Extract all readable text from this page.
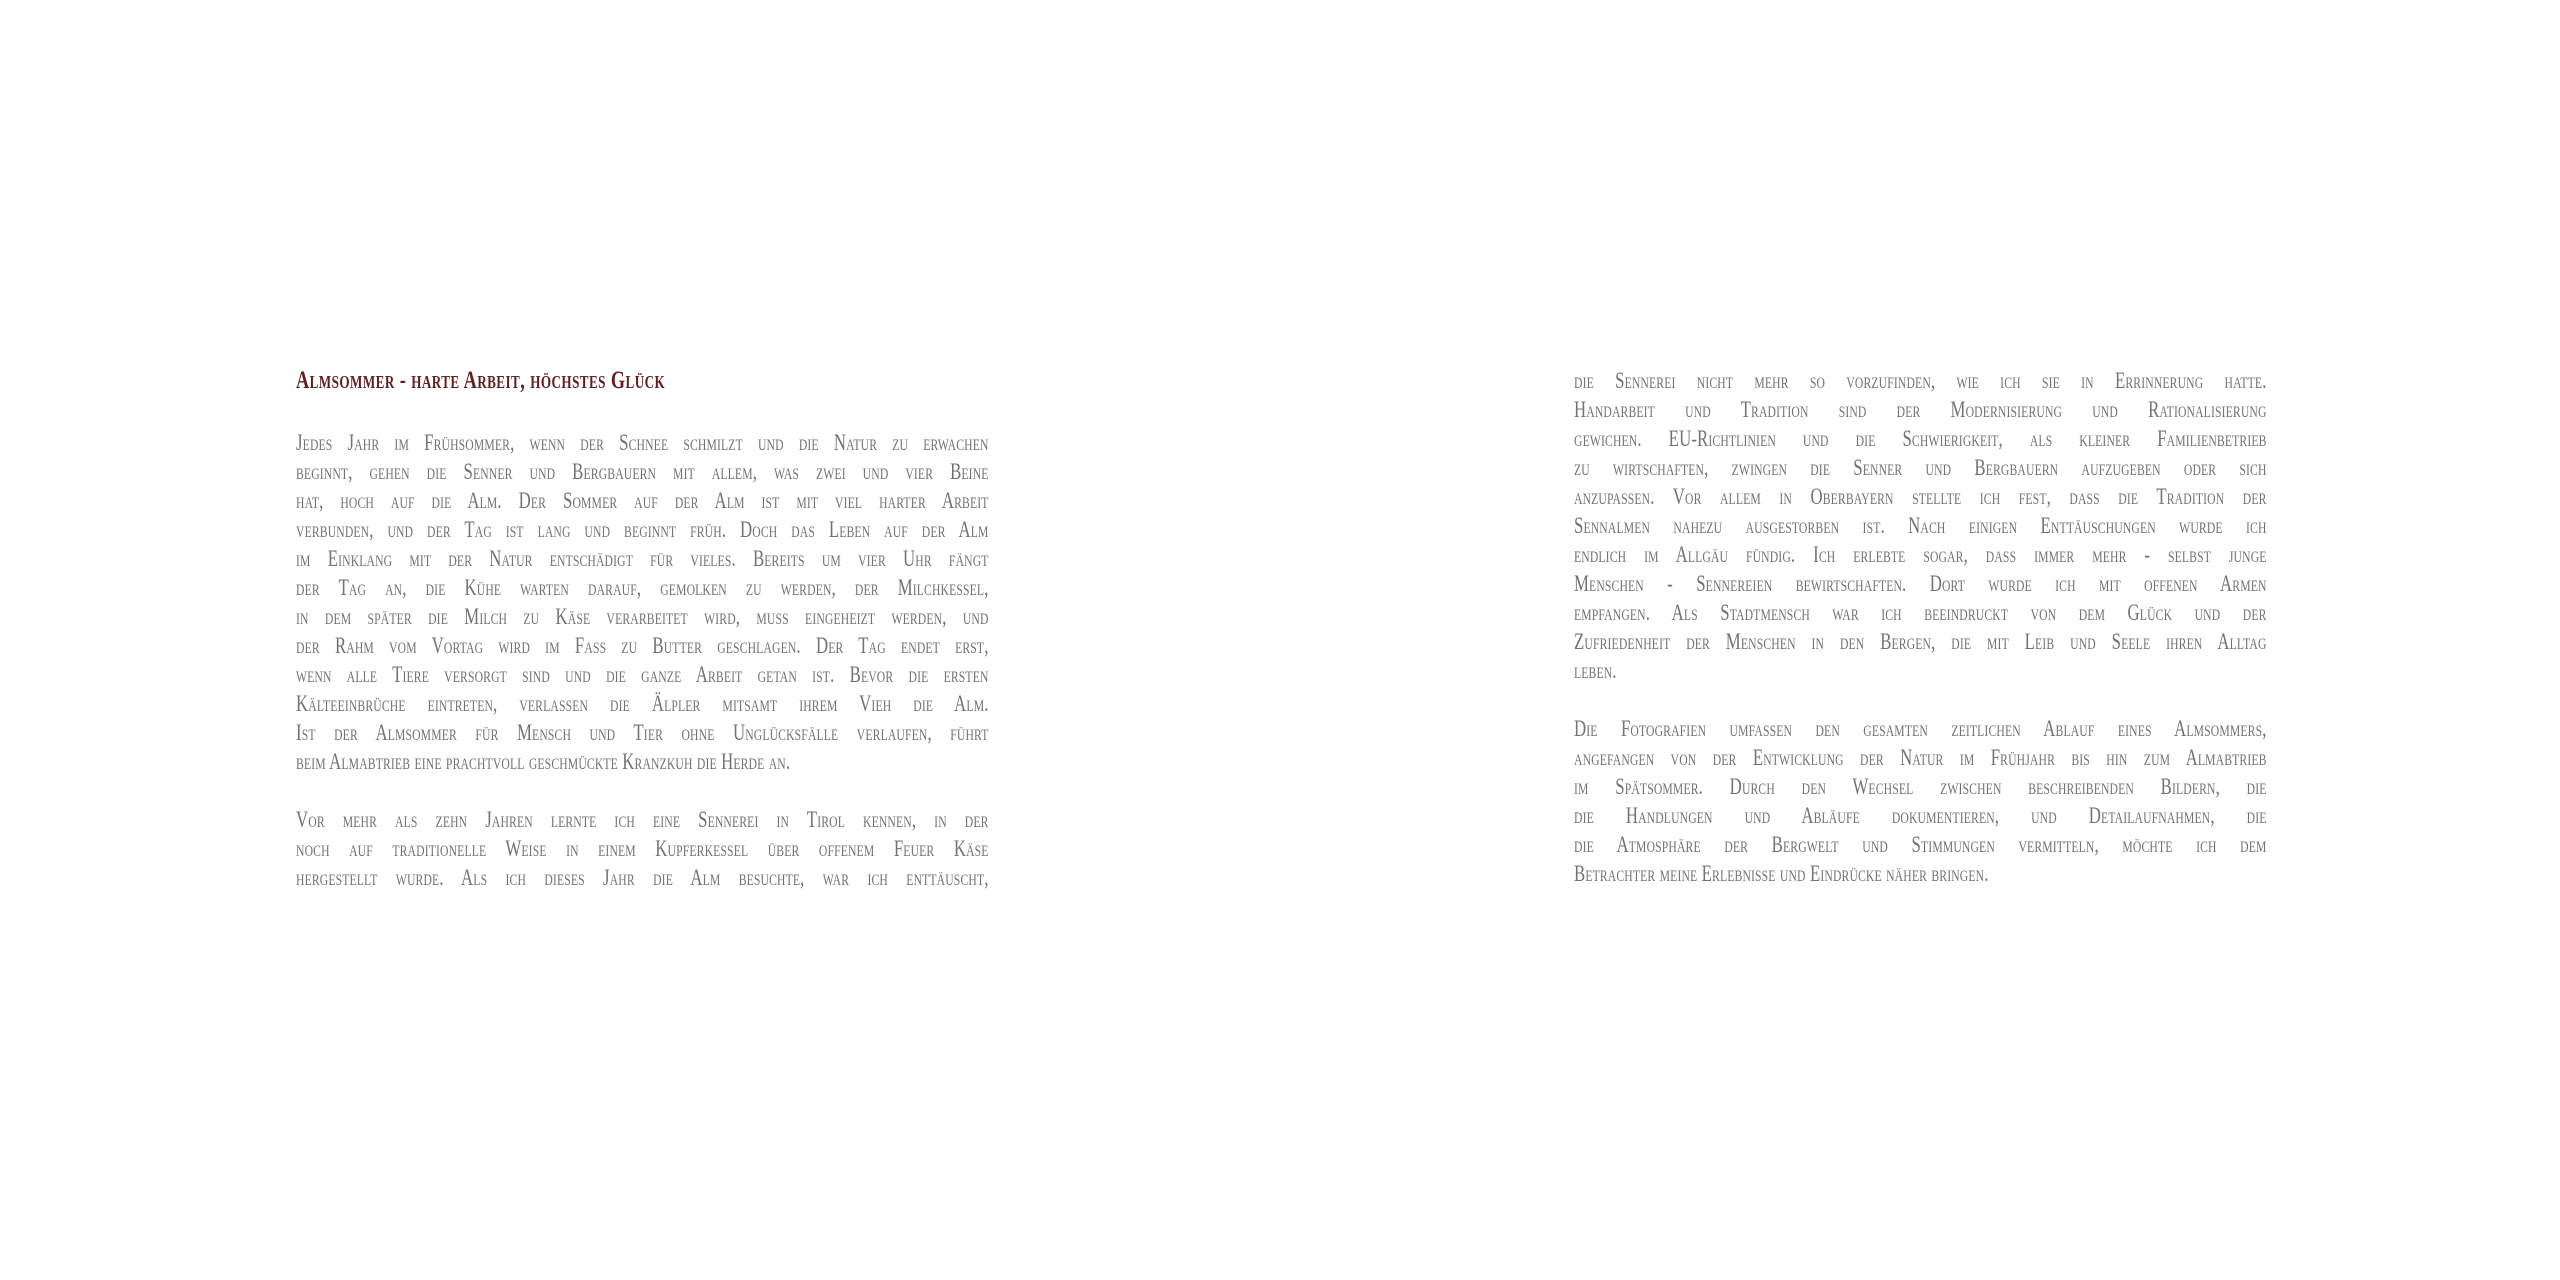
Almsommer - harte Arbeit, höchstes Glück
Jedes Jahr im Frühsommer, wenn der Schnee schmilzt und die Natur zu erwachen
beginnt, gehen die Senner und Bergbauern mit allem, was zwei und vier Beine
hat, hoch auf die Alm. Der Sommer auf der Alm ist mit viel harter Arbeit
verbunden, und der Tag ist lang und beginnt früh. Doch das Leben auf der Alm
im Einklang mit der Natur entschädigt für vieles. Bereits um vier Uhr fängt
der Tag an, die Kühe warten darauf, gemolken zu werden, der Milchkessel,
in dem später die Milch zu Käse verarbeitet wird, muss eingeheizt werden, und
der Rahm vom Vortag wird im Fass zu Butter geschlagen. Der Tag endet erst,
wenn alle Tiere versorgt sind und die ganze Arbeit getan ist. Bevor die ersten
Kälteeinbrüche eintreten, verlassen die Älpler mitsamt ihrem Vieh die Alm.
Ist der Almsommer für Mensch und Tier ohne Unglücksfälle verlaufen, führt
beim Almabtrieb eine prachtvoll geschmückte Kranzkuh die Herde an.
Vor mehr als zehn Jahren lernte ich eine Sennerei in Tirol kennen, in der
noch auf traditionelle Weise in einem Kupferkessel über offenem Feuer Käse
hergestellt wurde. Als ich dieses Jahr die Alm besuchte, war ich enttäuscht,
die Sennerei nicht mehr so vorzufinden, wie ich sie in Errinnerung hatte.
Handarbeit und Tradition sind der Modernisierung und Rationalisierung
gewichen. EU-Richtlinien und die Schwierigkeit, als kleiner Familienbetrieb
zu wirtschaften, zwingen die Senner und Bergbauern aufzugeben oder sich
anzupassen. Vor allem in Oberbayern stellte ich fest, dass die Tradition der
Sennalmen nahezu ausgestorben ist. Nach einigen Enttäuschungen wurde ich
endlich im Allgäu fündig. Ich erlebte sogar, dass immer mehr - selbst junge
Menschen - Sennereien bewirtschaften. Dort wurde ich mit offenen Armen
empfangen. Als Stadtmensch war ich beeindruckt von dem Glück und der
Zufriedenheit der Menschen in den Bergen, die mit Leib und Seele ihren Alltag
leben.
Die Fotografien umfassen den gesamten zeitlichen Ablauf eines Almsommers,
angefangen von der Entwicklung der Natur im Frühjahr bis hin zum Almabtrieb
im Spätsommer. Durch den Wechsel zwischen beschreibenden Bildern, die
die Handlungen und Abläufe dokumentieren, und Detailaufnahmen, die
die Atmosphäre der Bergwelt und Stimmungen vermitteln, möchte ich dem
Betrachter meine Erlebnisse und Eindrücke näher bringen.
